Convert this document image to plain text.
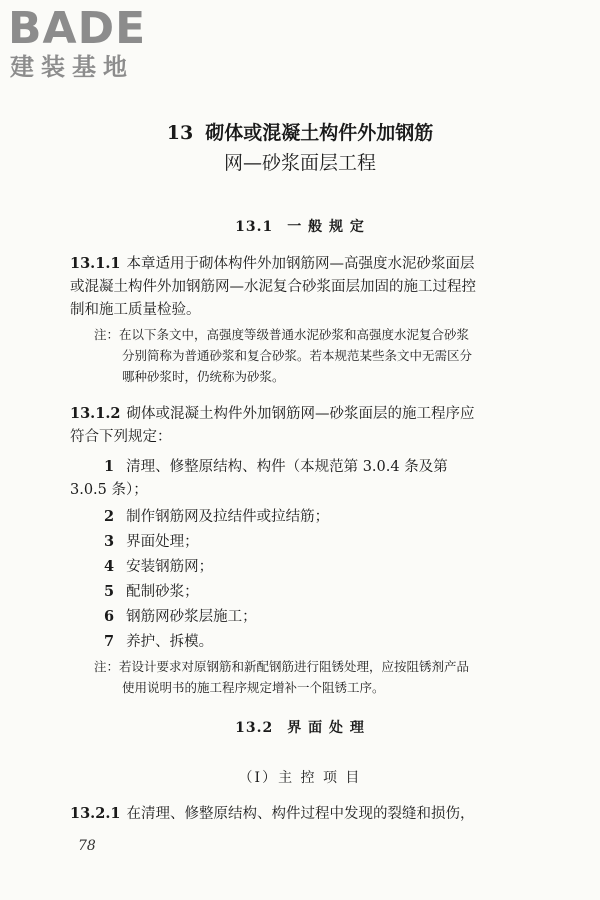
BADE
建装基地
13 砌体或混凝土构件外加钢筋
网—砂浆面层工程
13.1 一 般 规 定
13.1.1 本章适用于砌体构件外加钢筋网—高强度水泥砂浆面层
或混凝土构件外加钢筋网—水泥复合砂浆面层加固的施工过程控
制和施工质量检验。
注：在以下条文中，高强度等级普通水泥砂浆和高强度水泥复合砂浆
分别简称为普通砂浆和复合砂浆。若本规范某些条文中无需区分
哪种砂浆时，仍统称为砂浆。
13.1.2 砌体或混凝土构件外加钢筋网—砂浆面层的施工程序应
符合下列规定：
1 清理、修整原结构、构件（本规范第 3.0.4 条及第
3.0.5 条）；
2 制作钢筋网及拉结件或拉结筋；
3 界面处理；
4 安装钢筋网；
5 配制砂浆；
6 钢筋网砂浆层施工；
7 养护、拆模。
注：若设计要求对原钢筋和新配钢筋进行阻锈处理，应按阻锈剂产品
使用说明书的施工程序规定增补一个阻锈工序。
13.2 界 面 处 理
（Ⅰ）主 控 项 目
13.2.1 在清理、修整原结构、构件过程中发现的裂缝和损伤，
78
